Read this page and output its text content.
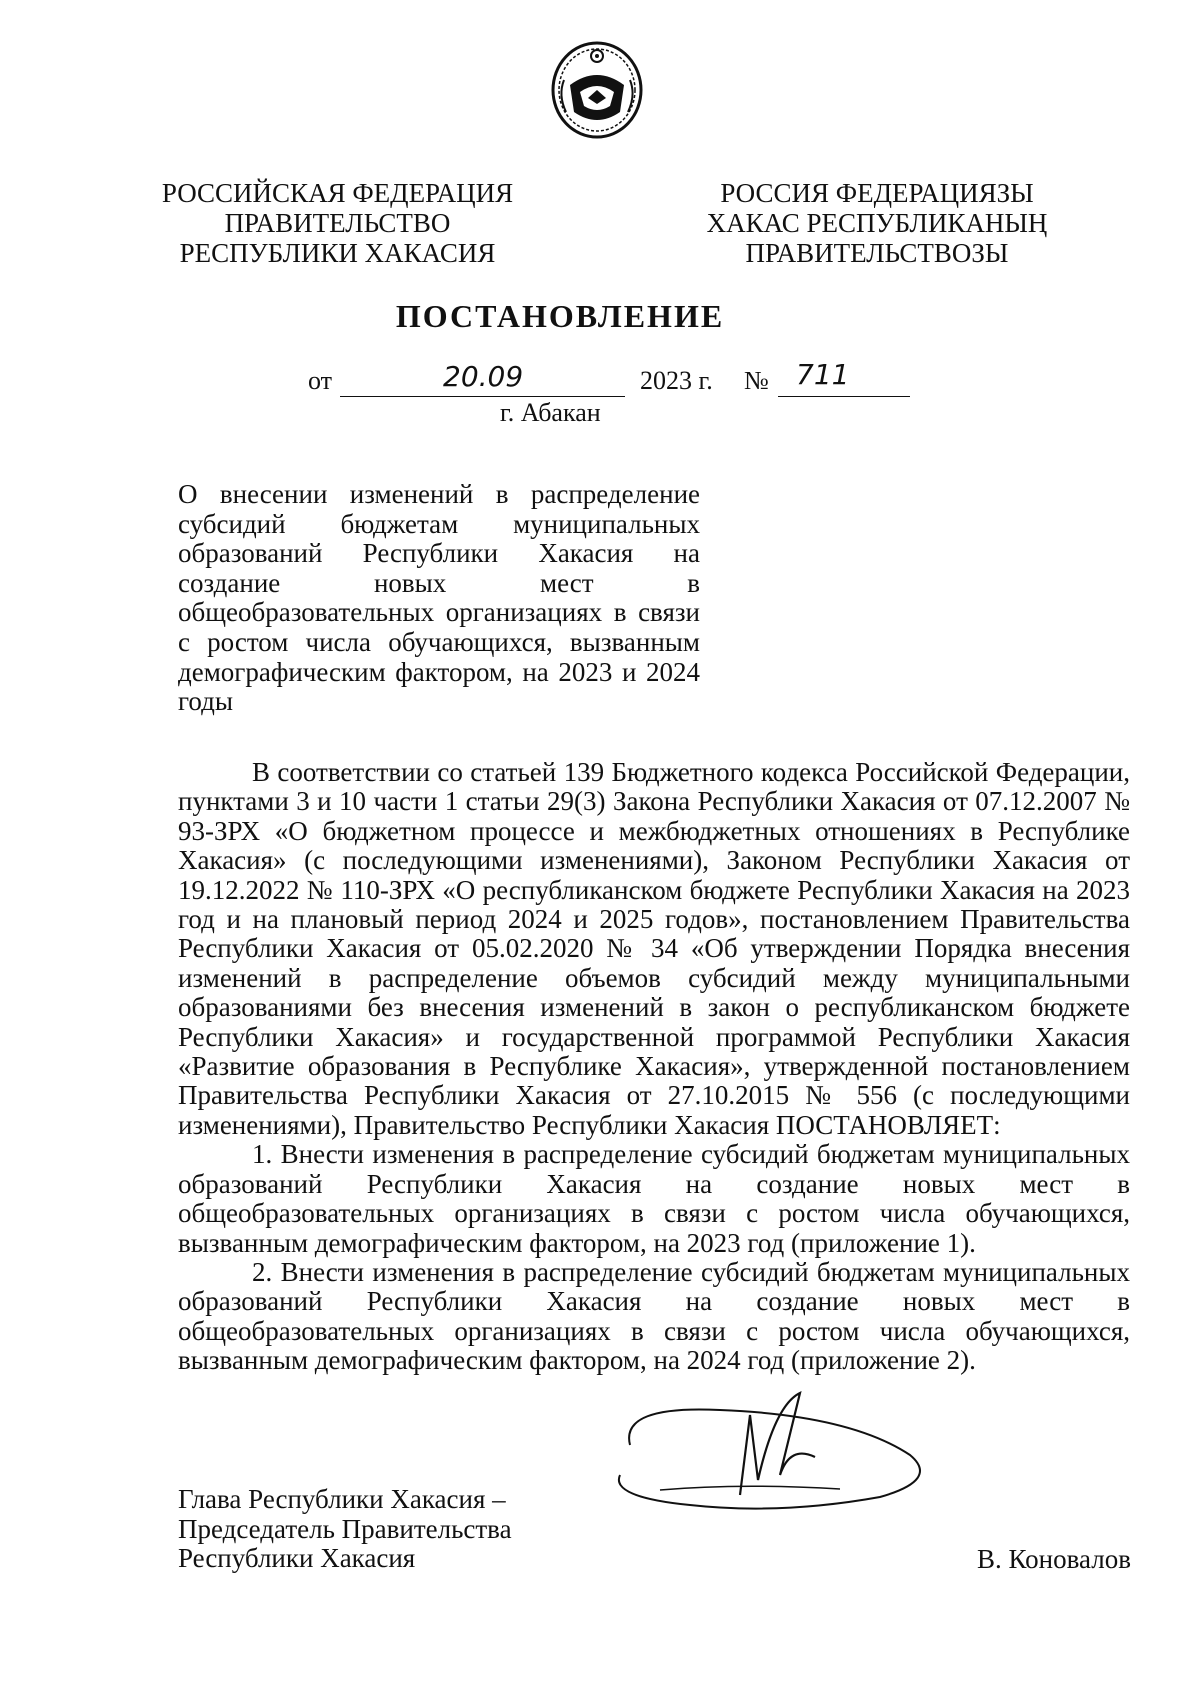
РОССИЙСКАЯ ФЕДЕРАЦИЯ
ПРАВИТЕЛЬСТВО
РЕСПУБЛИКИ ХАКАСИЯ
РОССИЯ ФЕДЕРАЦИЯЗЫ
ХАКАС РЕСПУБЛИКАНЫҢ
ПРАВИТЕЛЬСТВОЗЫ
ПОСТАНОВЛЕНИЕ
от	20.09	2023 г. № 711
г. Абакан
О внесении изменений в распределение субсидий бюджетам муниципальных образований Республики Хакасия на создание новых мест в общеобразовательных организациях в связи с ростом числа обучающихся, вызванным демографическим фактором, на 2023 и 2024 годы

В соответствии со статьей 139 Бюджетного кодекса Российской Федерации, пунктами 3 и 10 части 1 статьи 29(3) Закона Республики Хакасия от 07.12.2007 № 93-ЗРХ «О бюджетном процессе и межбюджетных отношениях в Республике Хакасия» (с последующими изменениями), Законом Республики Хакасия от 19.12.2022 № 110-ЗРХ «О республиканском бюджете Республики Хакасия на 2023 год и на плановый период 2024 и 2025 годов», постановлением Правительства Республики Хакасия от 05.02.2020 № 34 «Об утверждении Порядка внесения изменений в распределение объемов субсидий между муниципальными образованиями без внесения изменений в закон о республиканском бюджете Республики Хакасия» и государственной программой Республики Хакасия «Развитие образования в Республике Хакасия», утвержденной постановлением Правительства Республики Хакасия от 27.10.2015 № 556 (с последующими изменениями), Правительство Республики Хакасия ПОСТАНОВЛЯЕТ:

1. Внести изменения в распределение субсидий бюджетам муниципальных образований Республики Хакасия на создание новых мест в общеобразовательных организациях в связи с ростом числа обучающихся, вызванным демографическим фактором, на 2023 год (приложение 1).

2. Внести изменения в распределение субсидий бюджетам муниципальных образований Республики Хакасия на создание новых мест в общеобразовательных организациях в связи с ростом числа обучающихся, вызванным демографическим фактором, на 2024 год (приложение 2).

Глава Республики Хакасия –
Председатель Правительства
Республики Хакасия	В. Коновалов
